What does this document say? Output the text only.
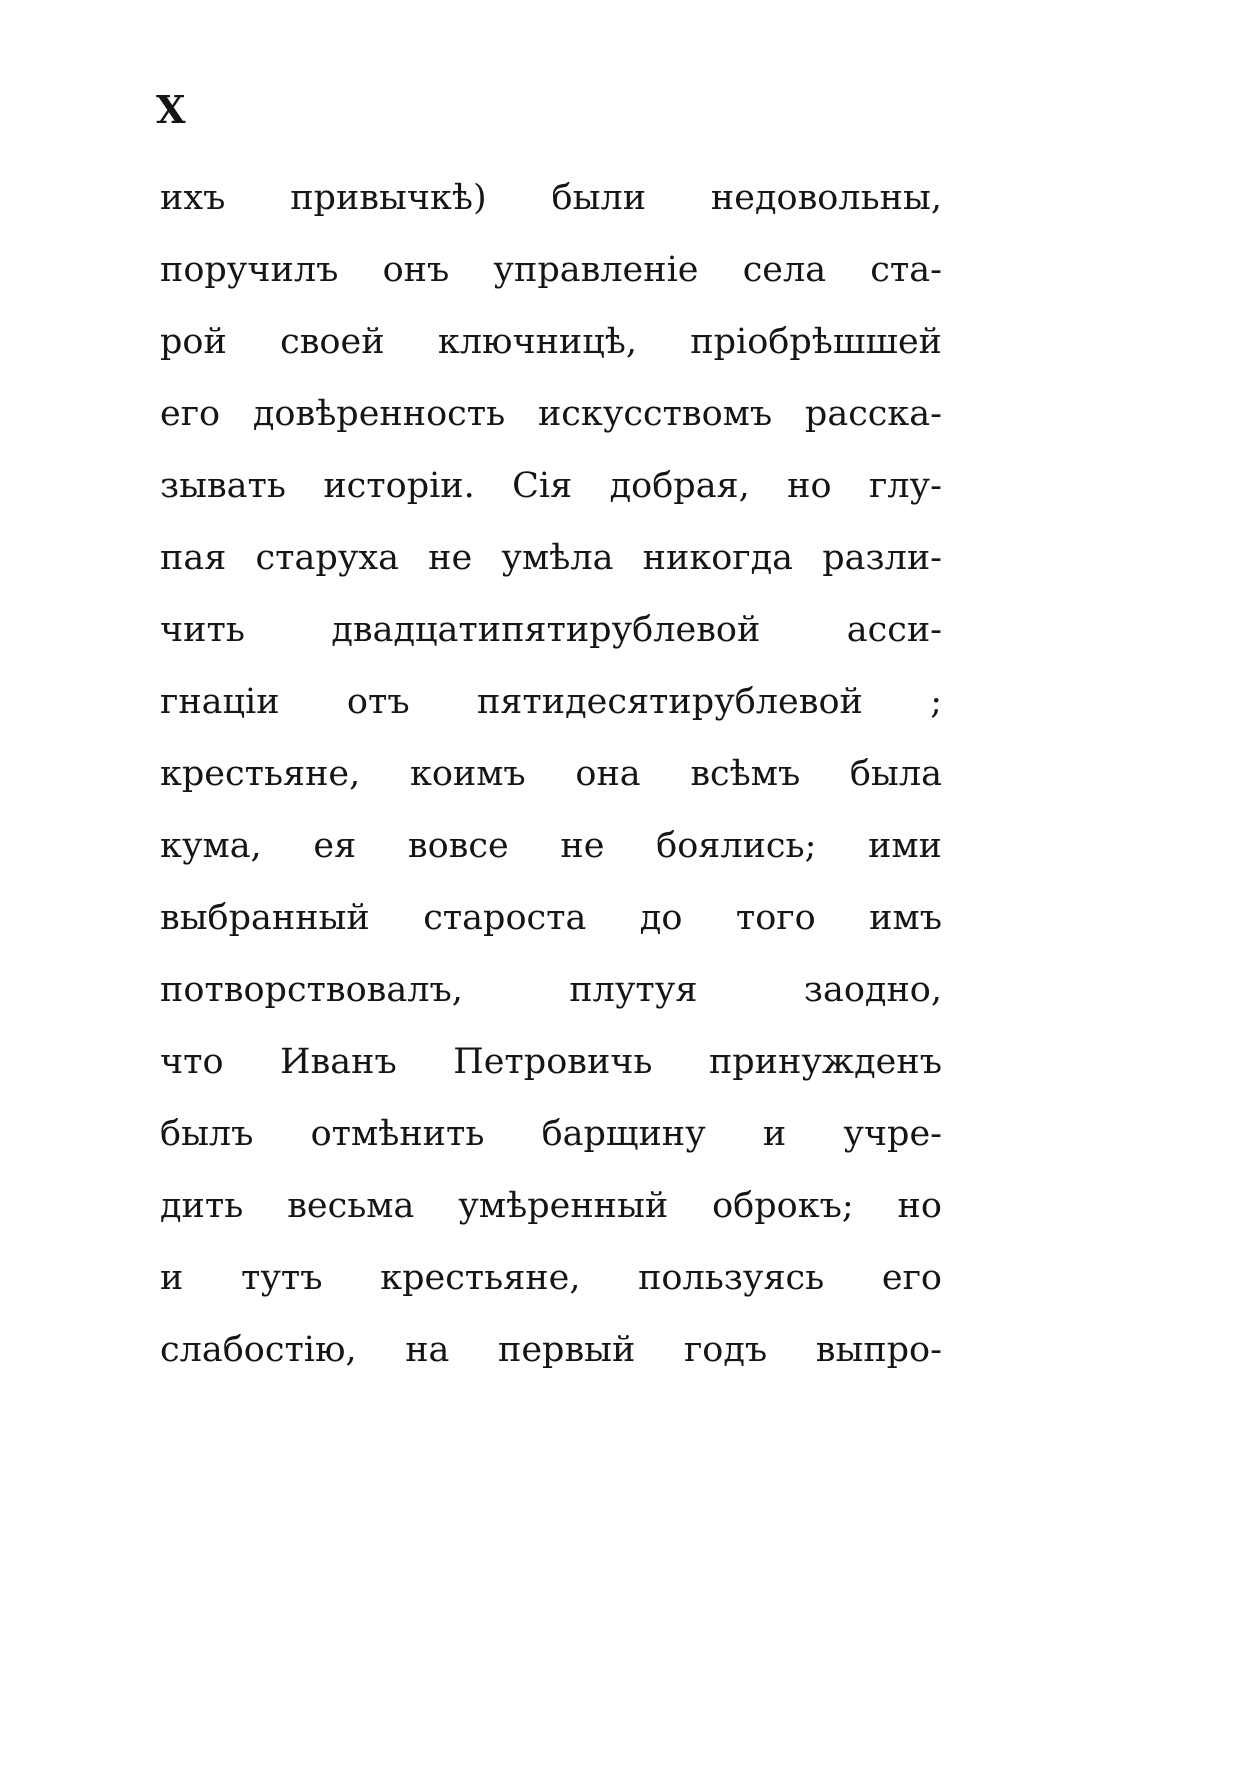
X
ихъ привычкѣ) были недовольны,
поручилъ онъ управленіе села ста-
рой своей ключницѣ, пріобрѣшшей
его довѣренность искусствомъ расска-
зывать исторіи. Сія добрая, но глу-
пая старуха не умѣла никогда разли-
чить двадцатипятирублевой асси-
гнаціи отъ пятидесятирублевой ;
крестьяне, коимъ она всѣмъ была
кума, ея вовсе не боялись; ими
выбранный староста до того имъ
потворствовалъ,	плутуя	заодно,
что Иванъ Петровичь принужденъ
былъ отмѣнить барщину и учре-
дить весьма умѣренный оброкъ; но
и тутъ крестьяне, пользуясь его
слабостію, на первый годъ выпро-
